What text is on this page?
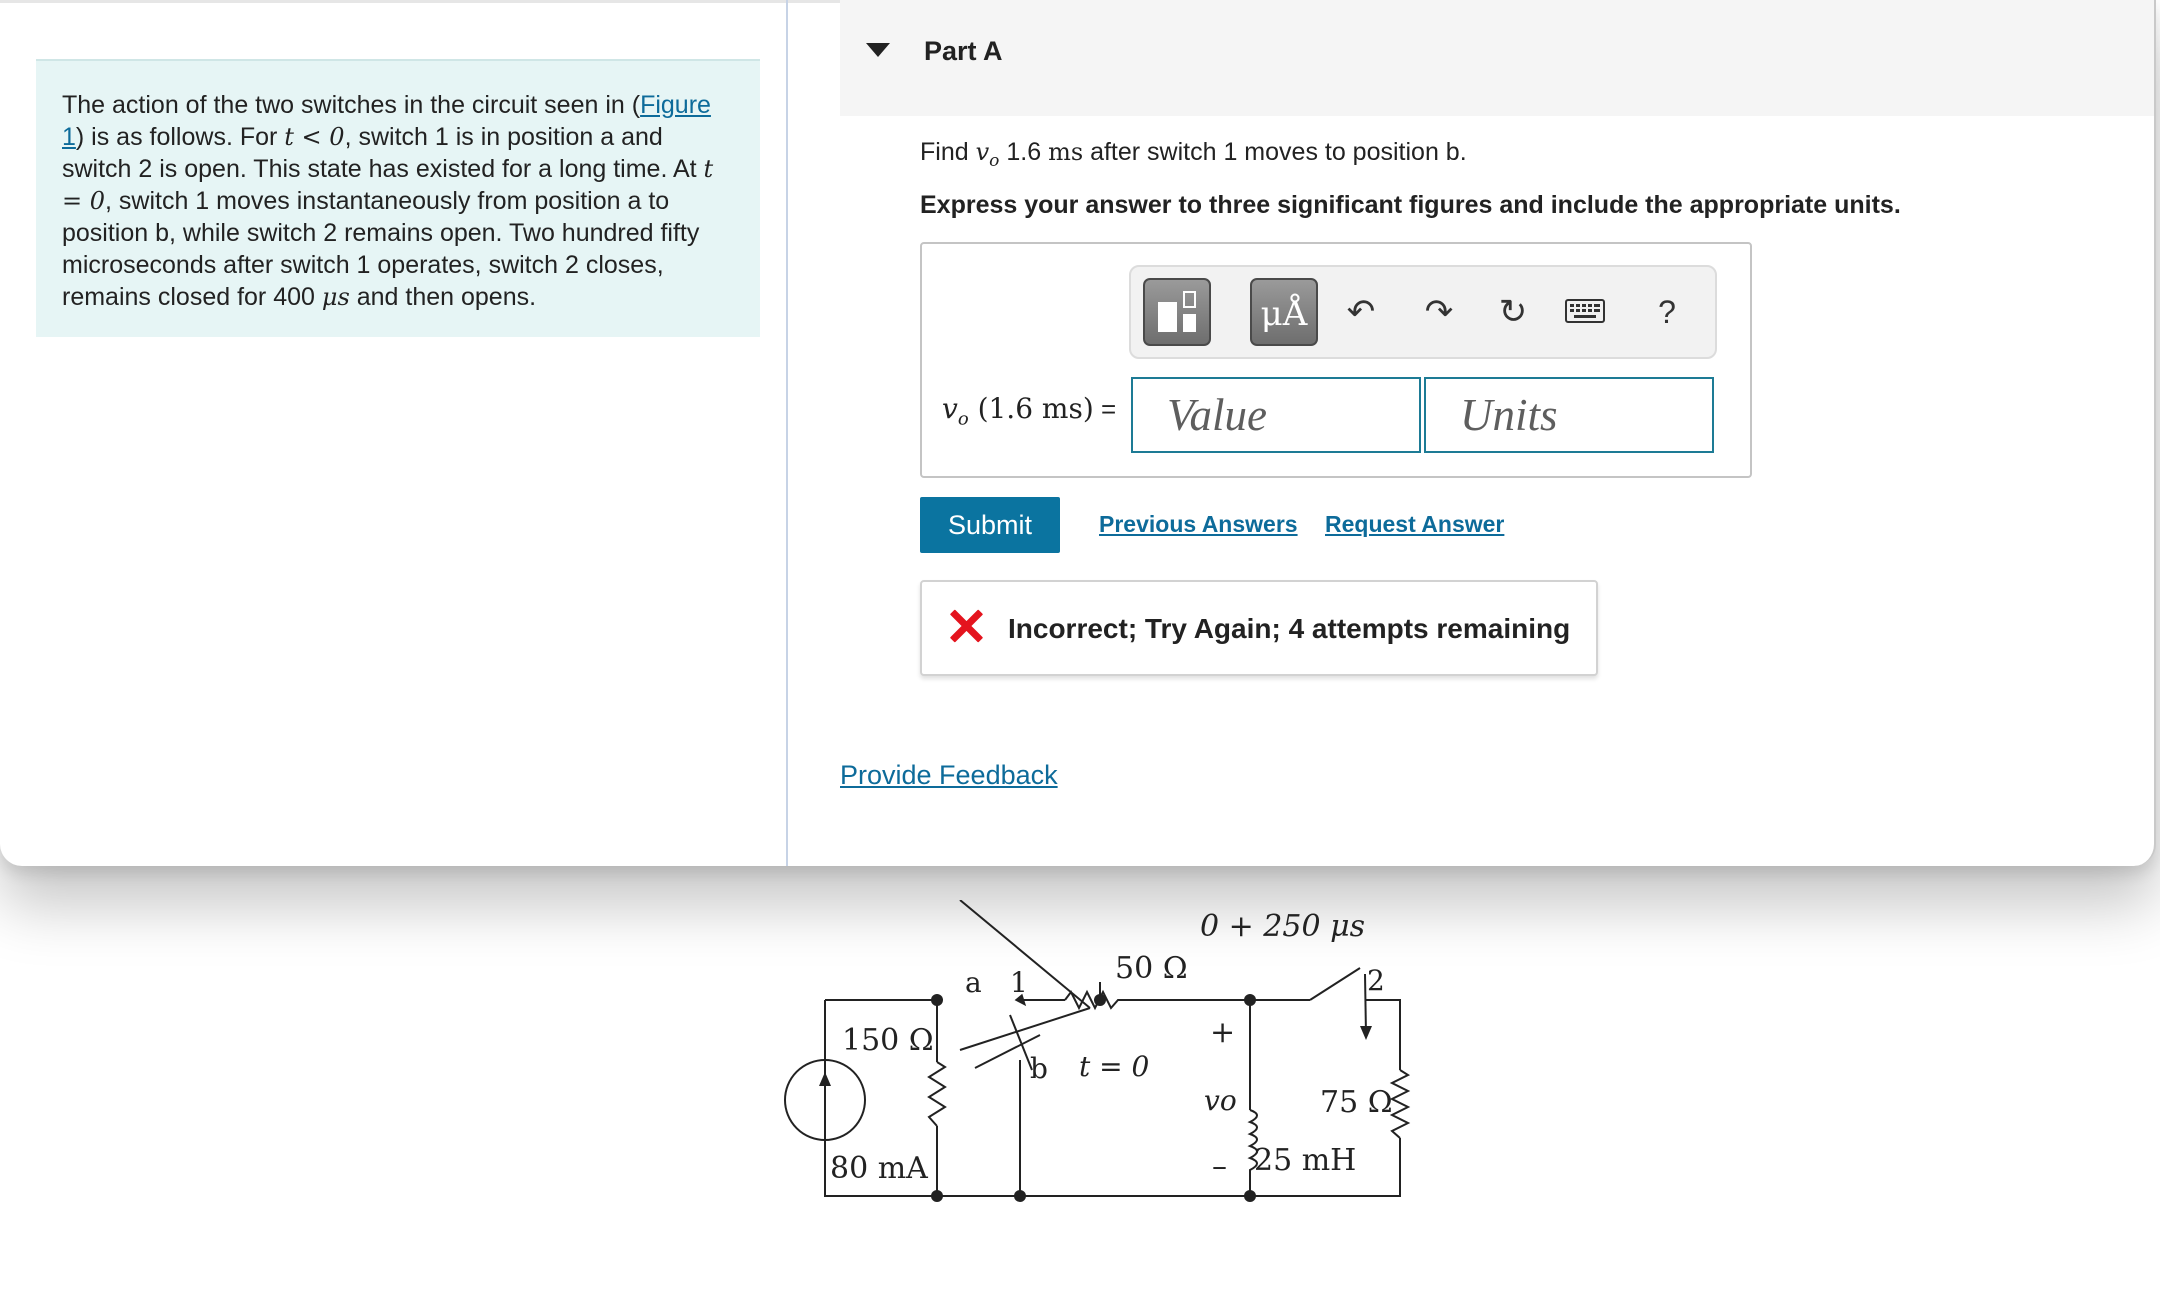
The action of the two switches in the circuit seen in (Figure 1) is as follows. For t < 0, switch 1 is in position a and switch 2 is open. This state has existed for a long time. At t = 0, switch 1 moves instantaneously from position a to position b, while switch 2 remains open. Two hundred fifty microseconds after switch 1 operates, switch 2 closes, remains closed for 400 μs and then opens.
Part A
Find $v_o$ 1.6 ms after switch 1 moves to position b.
Express your answer to three significant figures and include the appropriate units.
μÅ	↶ ↷ ↻	?
$v_o$ (1.6 ms) =
Value
Units
Submit	Previous Answers Request Answer
Incorrect; Try Again; 4 attempts remaining
Provide Feedback
150 Ω
80 mA
50 Ω
0 + 250 μs
a 1
b
2
t = 0
+
–
vo	75 Ω
25 mH
